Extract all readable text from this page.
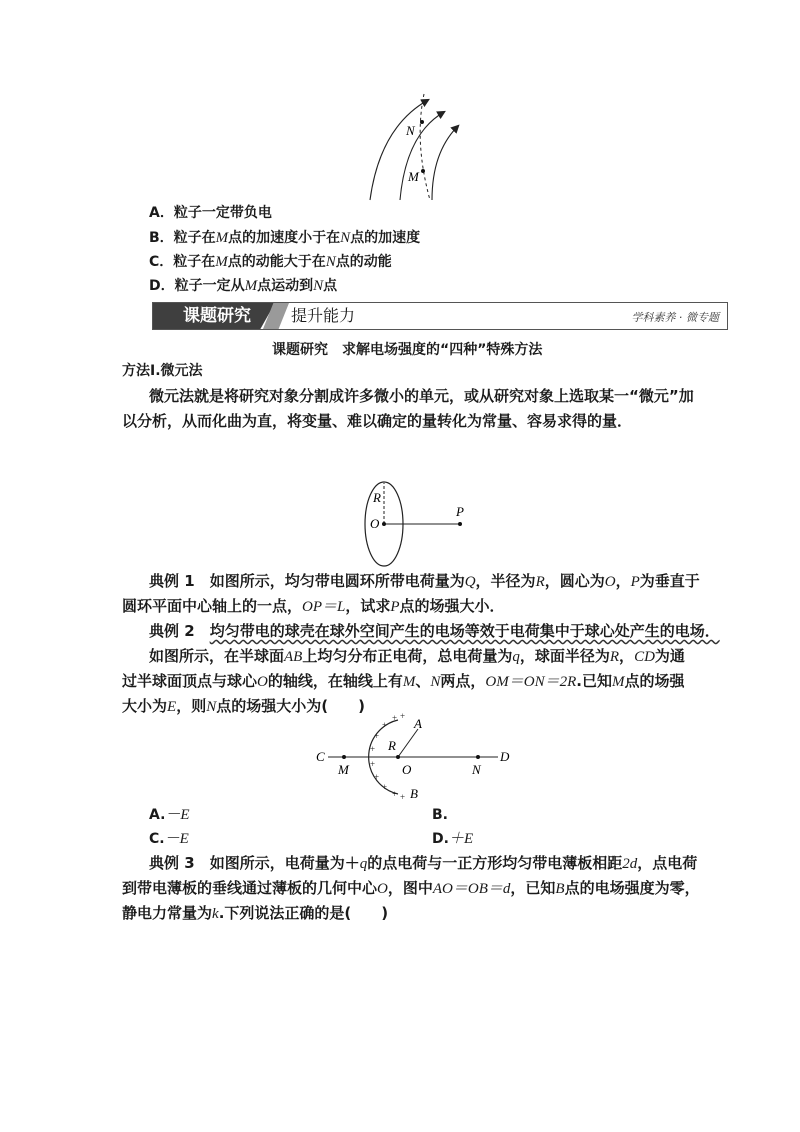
N
M
A．粒子一定带负电
B．粒子在M点的加速度小于在N点的加速度
C．粒子在M点的动能大于在N点的动能
D．粒子一定从M点运动到N点
课题研究	提升能力	学科素养 · 微专题
课题研究　求解电场强度的“四种”特殊方法
方法Ⅰ.微元法
微元法就是将研究对象分割成许多微小的单元，或从研究对象上选取某一“微元”加
以分析，从而化曲为直，将变量、难以确定的量转化为常量、容易求得的量．
R
O
P
典例 1　 如图所示，均匀带电圆环所带电荷量为Q，半径为R，圆心为O，P为垂直于
圆环平面中心轴上的一点，OP＝L，试求P点的场强大小．
典例 2　 均匀带电的球壳在球外空间产生的电场等效于电荷集中于球心处产生的电场．
如图所示，在半球面AB上均匀分布正电荷，总电荷量为q，球面半径为R，CD为通
过半球面顶点与球心O的轴线，在轴线上有M、N两点，OM＝ON＝2R.已知M点的场强
大小为E，则N点的场强大小为(　　)
+ +
+
+
+
+
+
+
+ +
A
B
C	D
R
O
M	N
A.－E	B.
C.－E	D.＋E
典例 3　 如图所示，电荷量为＋q的点电荷与一正方形均匀带电薄板相距2d，点电荷
到带电薄板的垂线通过薄板的几何中心O，图中AO＝OB＝d，已知B点的电场强度为零，
静电力常量为k.下列说法正确的是(　　)
